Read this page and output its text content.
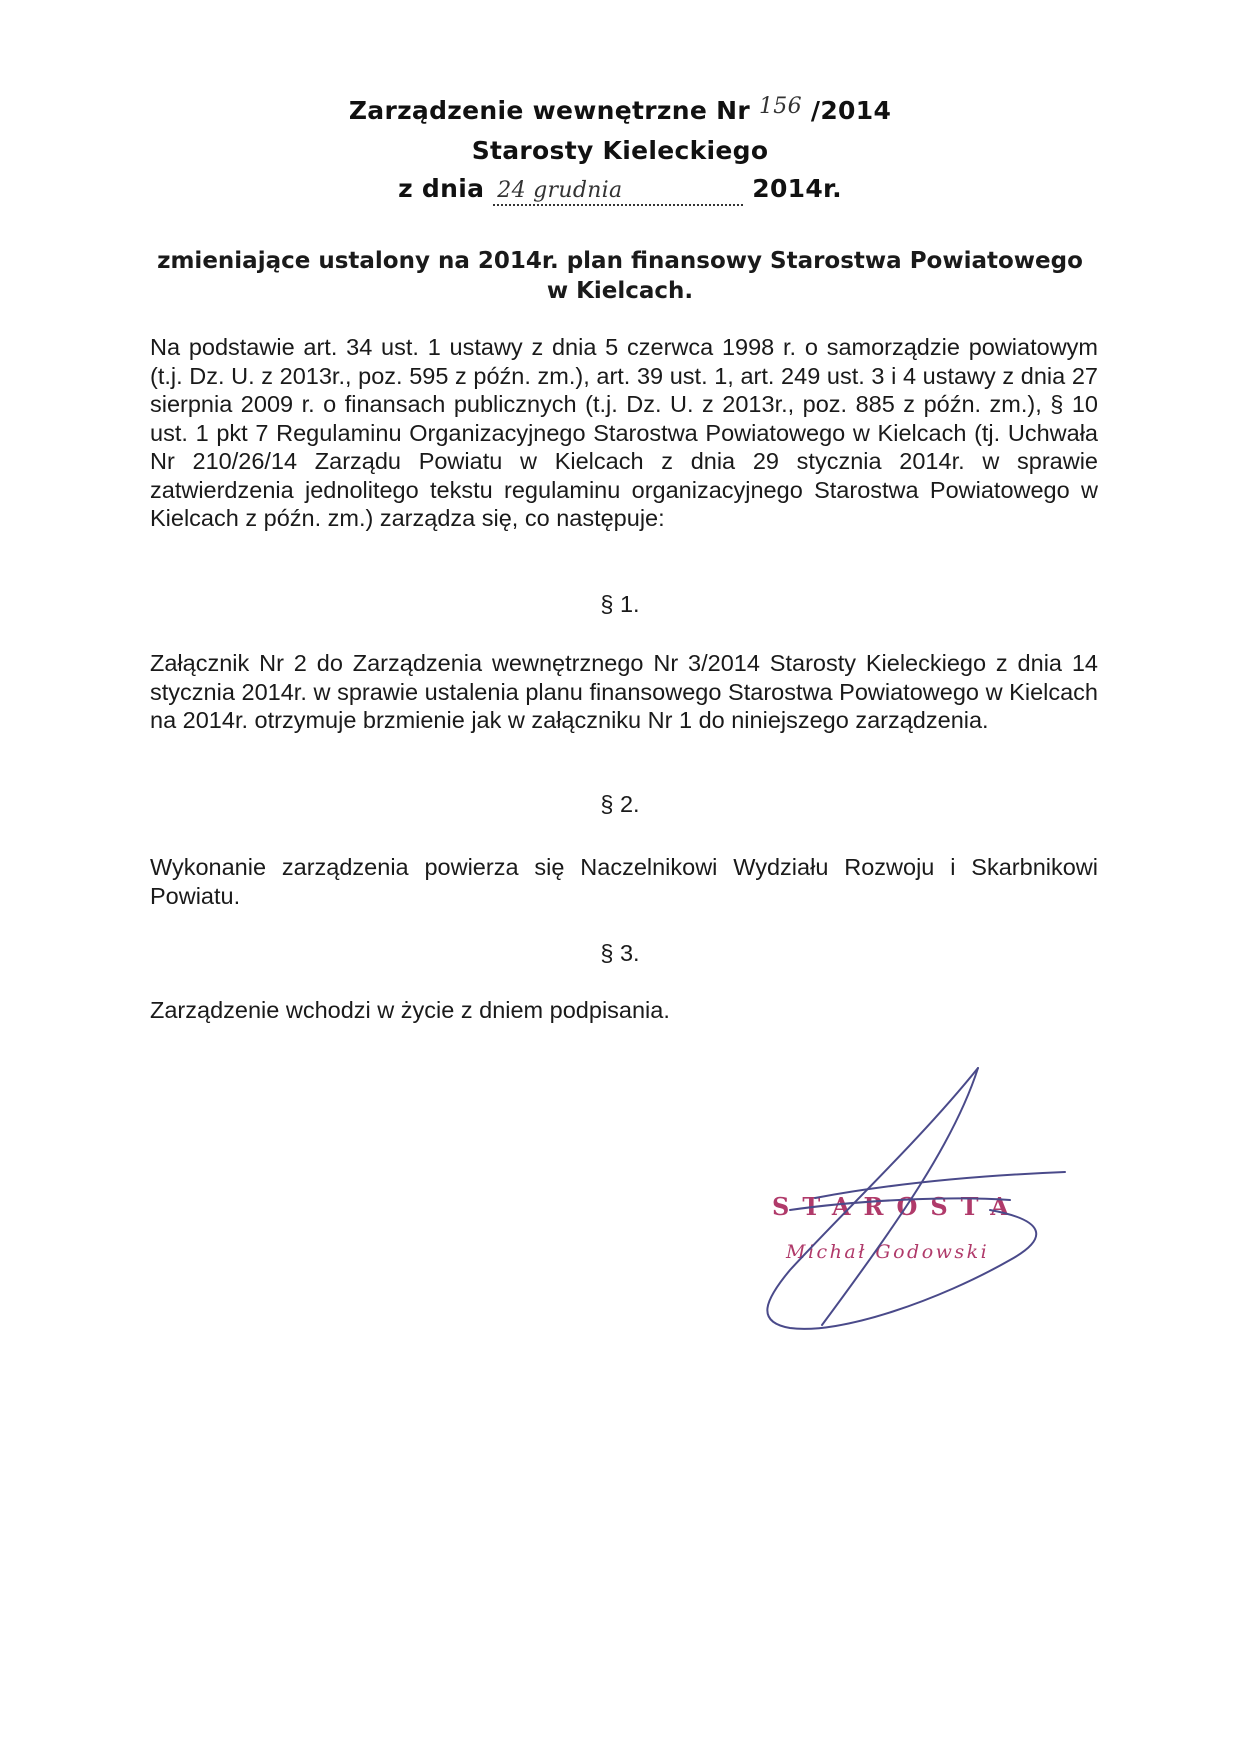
Zarządzenie wewnętrzne Nr 156 /2014
Starosty Kieleckiego
z dnia 24 grudnia	2014r.
zmieniające ustalony na 2014r. plan finansowy Starostwa Powiatowego
w Kielcach.
Na podstawie art. 34 ust. 1 ustawy z dnia 5 czerwca 1998 r. o samorządzie powiatowym (t.j. Dz. U. z 2013r., poz. 595 z późn. zm.), art. 39 ust. 1, art. 249 ust. 3 i 4 ustawy z dnia 27 sierpnia 2009 r. o finansach publicznych (t.j. Dz. U. z 2013r., poz. 885 z późn. zm.), § 10 ust. 1 pkt 7 Regulaminu Organizacyjnego Starostwa Powiatowego w Kielcach (tj. Uchwała Nr 210/26/14 Zarządu Powiatu w Kielcach z dnia 29 stycznia 2014r. w sprawie zatwierdzenia jednolitego tekstu regulaminu organizacyjnego Starostwa Powiatowego w Kielcach z późn. zm.) zarządza się, co następuje:
§ 1.
Załącznik Nr 2 do Zarządzenia wewnętrznego Nr 3/2014 Starosty Kieleckiego z dnia 14 stycznia 2014r. w sprawie ustalenia planu finansowego Starostwa Powiatowego w Kielcach na 2014r. otrzymuje brzmienie jak w załączniku Nr 1 do niniejszego zarządzenia.
§ 2.
Wykonanie zarządzenia powierza się Naczelnikowi Wydziału Rozwoju i Skarbnikowi Powiatu.
§ 3.
Zarządzenie wchodzi w życie z dniem podpisania.
STAROSTA
Michał Godowski
